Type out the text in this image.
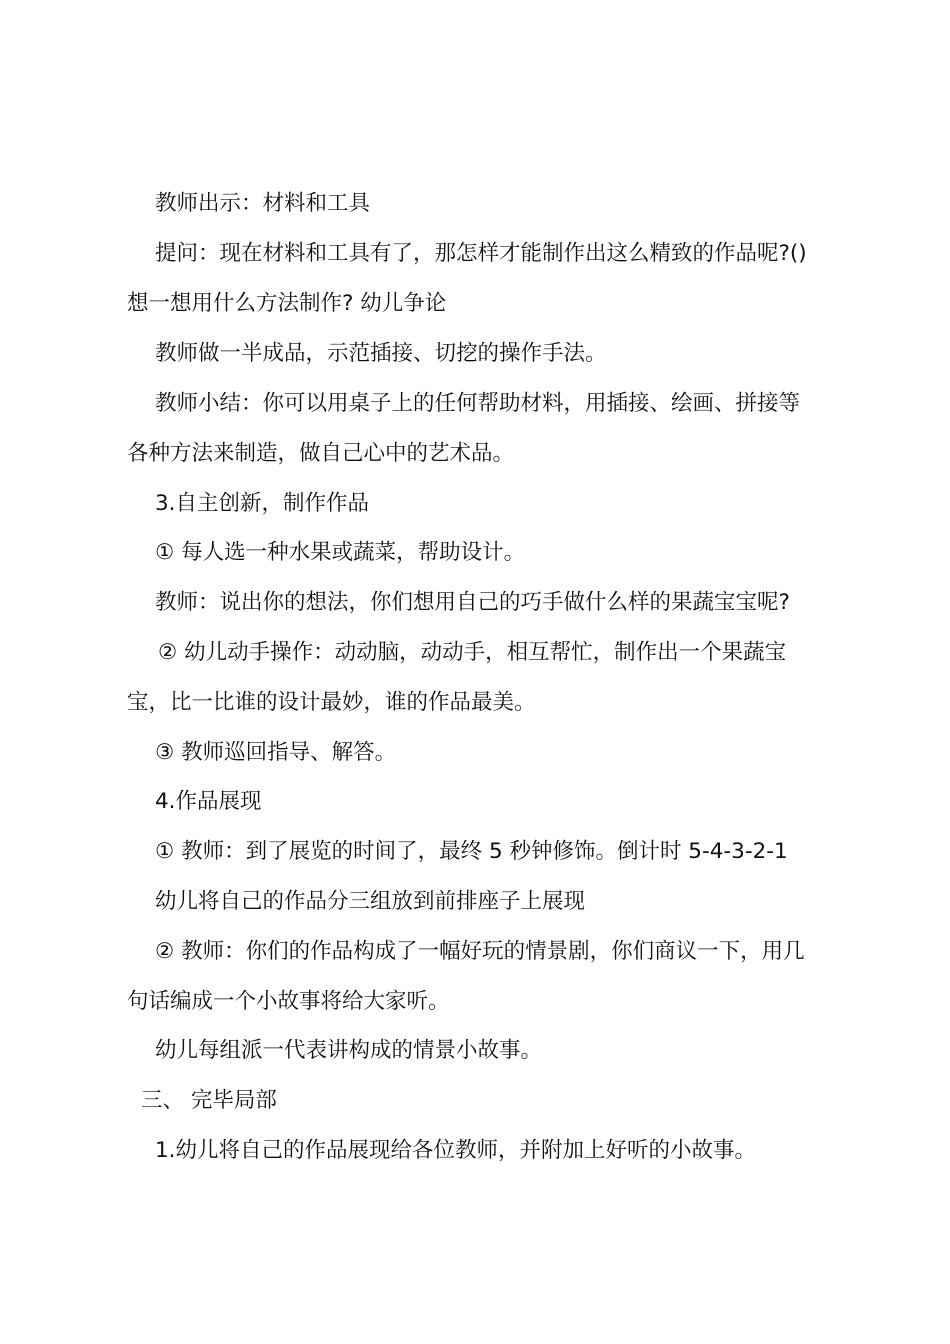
教师出示：材料和工具
提问：现在材料和工具有了，那怎样才能制作出这么精致的作品呢?()
想一想用什么方法制作? 幼儿争论
教师做一半成品，示范插接、切挖的操作手法。
教师小结：你可以用桌子上的任何帮助材料，用插接、绘画、拼接等
各种方法来制造，做自己心中的艺术品。
3.自主创新，制作作品
① 每人选一种水果或蔬菜，帮助设计。
教师：说出你的想法，你们想用自己的巧手做什么样的果蔬宝宝呢?
② 幼儿动手操作：动动脑，动动手，相互帮忙，制作出一个果蔬宝
宝，比一比谁的设计最妙，谁的作品最美。
③ 教师巡回指导、解答。
4.作品展现
① 教师：到了展览的时间了，最终 5 秒钟修饰。倒计时 5-4-3-2-1
幼儿将自己的作品分三组放到前排座子上展现
② 教师：你们的作品构成了一幅好玩的情景剧，你们商议一下，用几
句话编成一个小故事将给大家听。
幼儿每组派一代表讲构成的情景小故事。
三、 完毕局部
1.幼儿将自己的作品展现给各位教师，并附加上好听的小故事。
